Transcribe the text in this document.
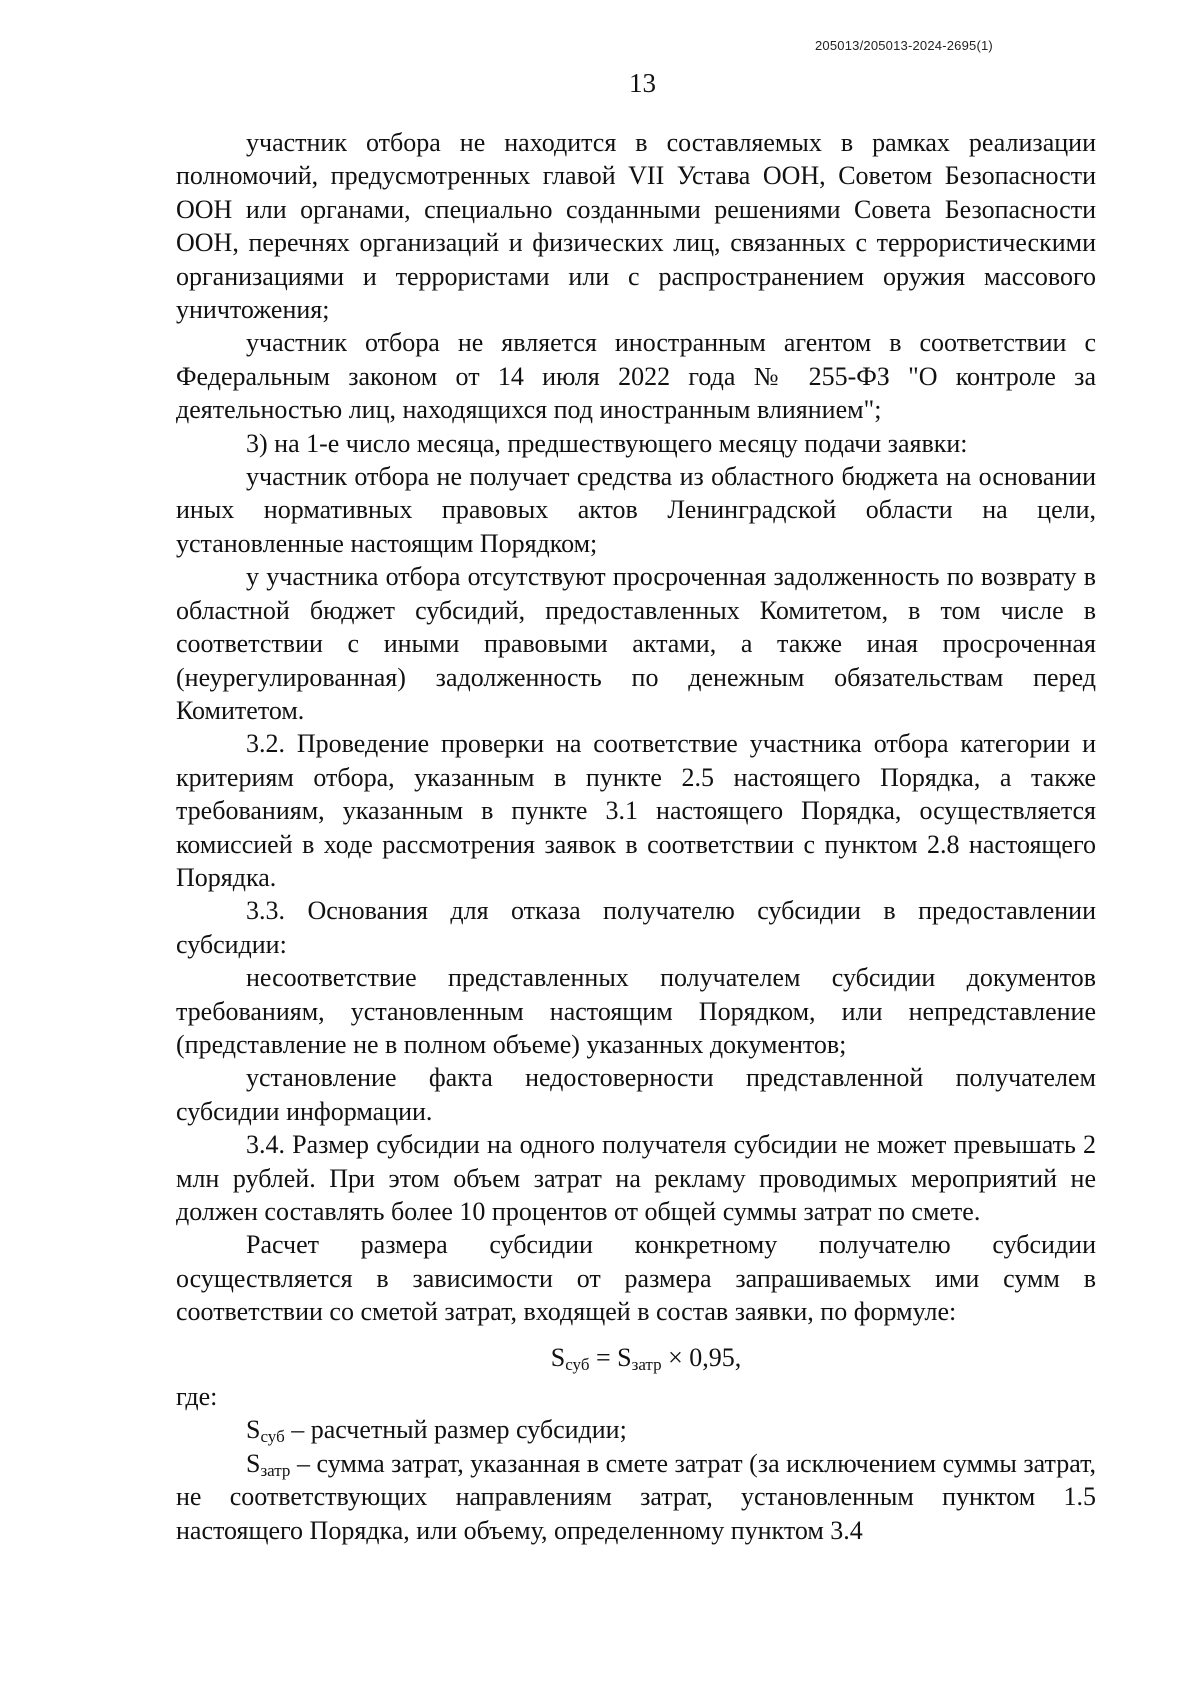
205013/205013-2024-2695(1)
13

участник отбора не находится в составляемых в рамках реализации полномочий, предусмотренных главой VII Устава ООН, Советом Безопасности ООН или органами, специально созданными решениями Совета Безопасности ООН, перечнях организаций и физических лиц, связанных с террористическими организациями и террористами или с распространением оружия массового уничтожения;

участник отбора не является иностранным агентом в соответствии с Федеральным законом от 14 июля 2022 года № 255-ФЗ "О контроле за деятельностью лиц, находящихся под иностранным влиянием";

3) на 1-е число месяца, предшествующего месяцу подачи заявки:

участник отбора не получает средства из областного бюджета на основании иных нормативных правовых актов Ленинградской области на цели, установленные настоящим Порядком;

у участника отбора отсутствуют просроченная задолженность по возврату в областной бюджет субсидий, предоставленных Комитетом, в том числе в соответствии с иными правовыми актами, а также иная просроченная (неурегулированная) задолженность по денежным обязательствам перед Комитетом.

3.2. Проведение проверки на соответствие участника отбора категории и критериям отбора, указанным в пункте 2.5 настоящего Порядка, а также требованиям, указанным в пункте 3.1 настоящего Порядка, осуществляется комиссией в ходе рассмотрения заявок в соответствии с пунктом 2.8 настоящего Порядка.

3.3. Основания для отказа получателю субсидии в предоставлении субсидии:

несоответствие представленных получателем субсидии документов требованиям, установленным настоящим Порядком, или непредставление (представление не в полном объеме) указанных документов;

установление факта недостоверности представленной получателем субсидии информации.

3.4. Размер субсидии на одного получателя субсидии не может превышать 2 млн рублей. При этом объем затрат на рекламу проводимых мероприятий не должен составлять более 10 процентов от общей суммы затрат по смете.

Расчет размера субсидии конкретному получателю субсидии осуществляется в зависимости от размера запрашиваемых ими сумм в соответствии со сметой затрат, входящей в состав заявки, по формуле:

$S_{суб} = S_{затр} \times 0,95$,

где:

$S_{суб}$ – расчетный размер субсидии;

$S_{затр}$ – сумма затрат, указанная в смете затрат (за исключением суммы затрат, не соответствующих направлениям затрат, установленным пунктом 1.5 настоящего Порядка, или объему, определенному пунктом 3.4
